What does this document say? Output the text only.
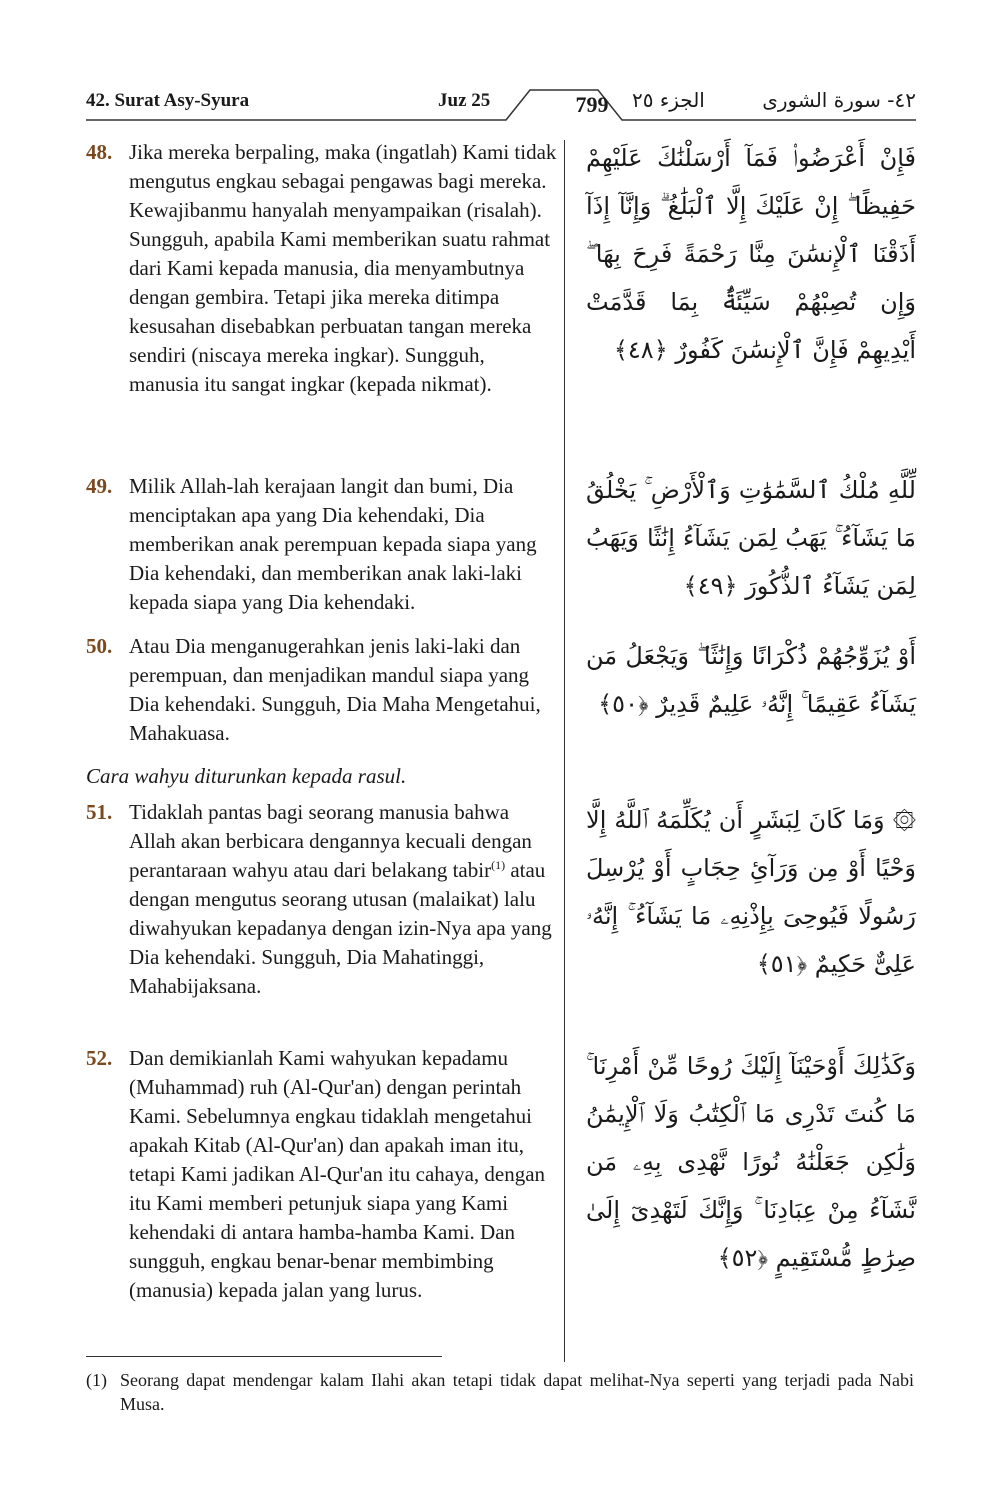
42. Surat Asy-Syura	Juz 25	799	الجزء ٢٥	٤٢- سورة الشورى
فَإِنْ أَعْرَضُوا۟ فَمَآ أَرْسَلْنَٰكَ عَلَيْهِمْ حَفِيظًا ۖ إِنْ عَلَيْكَ إِلَّا ٱلْبَلَٰغُ ۗ وَإِنَّآ إِذَآ أَذَقْنَا ٱلْإِنسَٰنَ مِنَّا رَحْمَةً فَرِحَ بِهَا ۖ وَإِن تُصِبْهُمْ سَيِّئَةٌۢ بِمَا قَدَّمَتْ أَيْدِيهِمْ فَإِنَّ ٱلْإِنسَٰنَ كَفُورٌ ﴿٤٨﴾
48. Jika mereka berpaling, maka (ingatlah) Kami tidak mengutus engkau sebagai pengawas bagi mereka. Kewajibanmu hanyalah menyampaikan (risalah). Sungguh, apabila Kami memberikan suatu rahmat dari Kami kepada manusia, dia menyambutnya dengan gembira. Tetapi jika mereka ditimpa kesusahan disebabkan perbuatan tangan mereka sendiri (niscaya mereka ingkar). Sungguh, manusia itu sangat ingkar (kepada nikmat).
لِّلَّهِ مُلْكُ ٱلسَّمَٰوَٰتِ وَٱلْأَرْضِ ۚ يَخْلُقُ مَا يَشَآءُ ۚ يَهَبُ لِمَن يَشَآءُ إِنَٰثًا وَيَهَبُ لِمَن يَشَآءُ ٱلذُّكُورَ ﴿٤٩﴾
49. Milik Allah-lah kerajaan langit dan bumi, Dia menciptakan apa yang Dia kehendaki, Dia memberikan anak perempuan kepada siapa yang Dia kehendaki, dan memberikan anak laki-laki kepada siapa yang Dia kehendaki.
أَوْ يُزَوِّجُهُمْ ذُكْرَانًا وَإِنَٰثًا ۖ وَيَجْعَلُ مَن يَشَآءُ عَقِيمًا ۚ إِنَّهُۥ عَلِيمٌ قَدِيرٌ ﴿٥٠﴾
50. Atau Dia menganugerahkan jenis laki-laki dan perempuan, dan menjadikan mandul siapa yang Dia kehendaki. Sungguh, Dia Maha Mengetahui, Mahakuasa.
Cara wahyu diturunkan kepada rasul.
۞ وَمَا كَانَ لِبَشَرٍ أَن يُكَلِّمَهُ ٱللَّهُ إِلَّا وَحْيًا أَوْ مِن وَرَآئِ حِجَابٍ أَوْ يُرْسِلَ رَسُولًا فَيُوحِىَ بِإِذْنِهِۦ مَا يَشَآءُ ۚ إِنَّهُۥ عَلِىٌّ حَكِيمٌ ﴿٥١﴾
51. Tidaklah pantas bagi seorang manusia bahwa Allah akan berbicara dengannya kecuali dengan perantaraan wahyu atau dari belakang tabir$^{(1)}$ atau dengan mengutus seorang utusan (malaikat) lalu diwahyukan kepadanya dengan izin-Nya apa yang Dia kehendaki. Sungguh, Dia Mahatinggi, Mahabijaksana.
وَكَذَٰلِكَ أَوْحَيْنَآ إِلَيْكَ رُوحًا مِّنْ أَمْرِنَا ۚ مَا كُنتَ تَدْرِى مَا ٱلْكِتَٰبُ وَلَا ٱلْإِيمَٰنُ وَلَٰكِن جَعَلْنَٰهُ نُورًا نَّهْدِى بِهِۦ مَن نَّشَآءُ مِنْ عِبَادِنَا ۚ وَإِنَّكَ لَتَهْدِىٓ إِلَىٰ صِرَٰطٍ مُّسْتَقِيمٍ ﴿٥٢﴾
52. Dan demikianlah Kami wahyukan kepadamu (Muhammad) ruh (Al-Qur'an) dengan perintah Kami. Sebelumnya engkau tidaklah mengetahui apakah Kitab (Al-Qur'an) dan apakah iman itu, tetapi Kami jadikan Al-Qur'an itu cahaya, dengan itu Kami memberi petunjuk siapa yang Kami kehendaki di antara hamba-hamba Kami. Dan sungguh, engkau benar-benar membimbing (manusia) kepada jalan yang lurus.
(1) Seorang dapat mendengar kalam Ilahi akan tetapi tidak dapat melihat-Nya seperti yang terjadi pada Nabi Musa.
